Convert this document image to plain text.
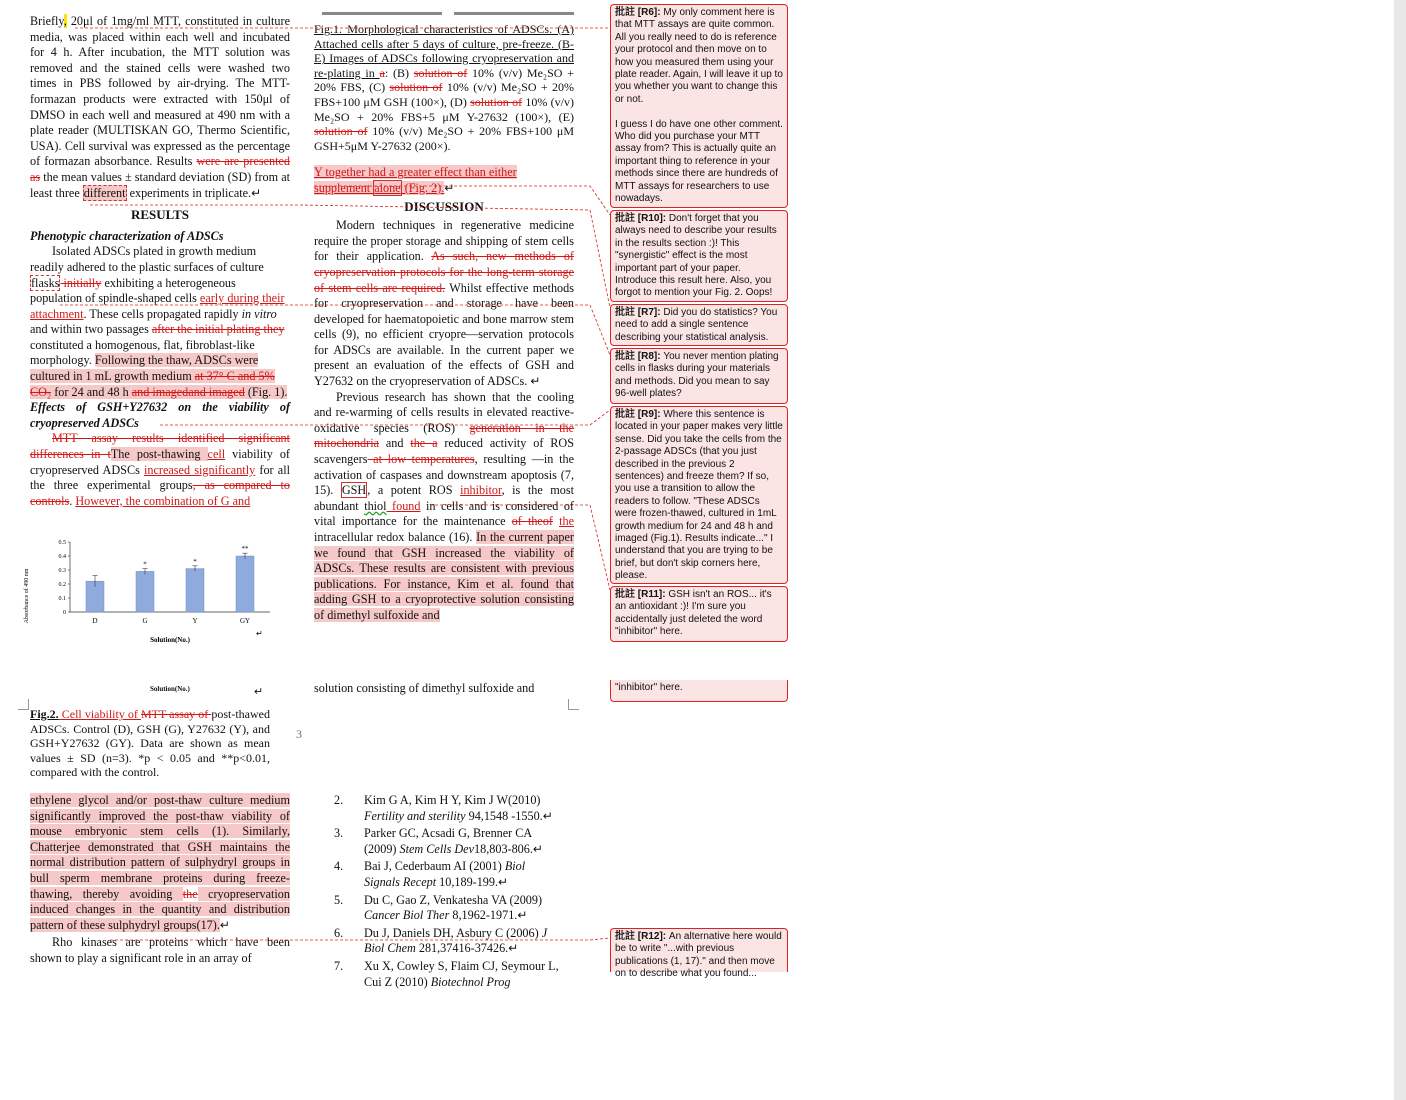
Briefly, 20μl of 1mg/ml MTT, constituted in culture media, was placed within each well and incubated for 4 h. After incubation, the MTT solution was removed and the stained cells were washed two times in PBS followed by air-drying. The MTT-formazan products were extracted with 150μl of DMSO in each well and measured at 490 nm with a plate reader (MULTISKAN GO, Thermo Scientific, USA). Cell survival was expressed as the percentage of formazan absorbance. Results were are presented as the mean values ± standard deviation (SD) from at least three different experiments in triplicate.↵

RESULTS

Phenotypic characterization of ADSCs

Isolated ADSCs plated in growth medium readily adhered to the plastic surfaces of culture flasks initially exhibiting a heterogeneous population of spindle-shaped cells early during their attachment. These cells propagated rapidly in vitro and within two passages after the initial plating they constituted a homogenous, flat, fibroblast-like morphology. Following the thaw, ADSCs were cultured in 1 mL growth medium at 37° C and 5% CO₂ for 24 and 48 h and imagedand imaged (Fig. 1).

Effects of GSH+Y27632 on the viability of cryopreserved ADSCs

MTT assay results identified significant differences in tThe post-thawing cell viability of cryopreserved ADSCs increased significantly for all the three experimental groups, as compared to controls. However, the combination of G and

Absorbance of 490 nm	0
0.1
0.2
0.3
0.4
0.5
D
*
G
*
Y
**
GY
↵
Solution(No.)

Fig.1. Morphological characteristics of ADSCs. (A) Attached cells after 5 days of culture, pre-freeze. (B-E) Images of ADSCs following cryopreservation and re-plating in a: (B) solution of 10% (v/v) Me₂SO + 20% FBS, (C) solution of 10% (v/v) Me₂SO + 20% FBS+100 μM GSH (100×), (D) solution of 10% (v/v) Me₂SO + 20% FBS+5 μM Y-27632 (100×), (E) solution of 10% (v/v) Me₂SO + 20% FBS+100 μM GSH+5μM Y-27632 (200×).

Y together had a greater effect than either supplement alone (Fig. 2).↵

DISCUSSION

Modern techniques in regenerative medicine require the proper storage and shipping of stem cells for their application. As such, new methods of cryopreservation protocols for the long-term storage of stem cells are required. Whilst effective methods for cryopreservation and storage have been developed for haematopoietic and bone marrow stem cells (9), no efficient cryopre—servation protocols for ADSCs are available. In the current paper we present an evaluation of the effects of GSH and Y27632 on the cryopreservation of ADSCs. ↵

Previous research has shown that the cooling and re-warming of cells results in elevated reactive-oxidative species (ROS) generation in the mitochondria and the a reduced activity of ROS scavengers at low temperatures, resulting —in the activation of caspases and downstream apoptosis (7, 15). GSH, a potent ROS inhibitor, is the most abundant thiol found in cells and is considered of vital importance for the maintenance of theof the intracellular redox balance (16). In the current paper we found that GSH increased the viability of ADSCs. These results are consistent with previous publications. For instance, Kim et al. found that adding GSH to a cryoprotective solution consisting of dimethyl sulfoxide and

Solution(No.)	↵
Fig.2. Cell viability of MTT assay of post-thawed ADSCs. Control (D), GSH (G), Y27632 (Y), and GSH+Y27632 (GY). Data are shown as mean values ± SD (n=3). *p < 0.05 and **p<0.01, compared with the control.
3
solution consisting of dimethyl sulfoxide and

ethylene glycol and/or post-thaw culture medium significantly improved the post-thaw viability of mouse embryonic stem cells (1). Similarly, Chatterjee demonstrated that GSH maintains the normal distribution pattern of sulphydryl groups in bull sperm membrane proteins during freeze-thawing, thereby avoiding the cryopreservation induced changes in the quantity and distribution pattern of these sulphydryl groups(17).↵

Rho kinases are proteins which have been shown to play a significant role in an array of

2. Kim G A, Kim H Y, Kim J W(2010) Fertility and sterility 94,1548 -1550.↵
3. Parker GC, Acsadi G, Brenner CA (2009) Stem Cells Dev18,803-806.↵
4. Bai J, Cederbaum AI (2001) Biol Signals Recept 10,189-199.↵
5. Du C, Gao Z, Venkatesha VA (2009) Cancer Biol Ther 8,1962-1971.↵
6. Du J, Daniels DH, Asbury C (2006) J Biol Chem 281,37416-37426.↵
7. Xu X, Cowley S, Flaim CJ, Seymour L, Cui Z (2010) Biotechnol Prog
批註 [R6]: My only comment here is that MTT assays are quite common. All you really need to do is reference your protocol and then move on to how you measured them using your plate reader. Again, I will leave it up to you whether you want to change this or not.

I guess I do have one other comment. Who did you purchase your MTT assay from? This is actually quite an important thing to reference in your methods since there are hundreds of MTT assays for researchers to use nowadays.
批註 [R10]: Don't forget that you always need to describe your results in the results section :)! This "synergistic" effect is the most important part of your paper. Introduce this result here. Also, you forgot to mention your Fig. 2. Oops!
批註 [R7]: Did you do statistics? You need to add a single sentence describing your statistical analysis.
批註 [R8]: You never mention plating cells in flasks during your materials and methods. Did you mean to say 96-well plates?
批註 [R9]: Where this sentence is located in your paper makes very little sense. Did you take the cells from the 2-passage ADSCs (that you just described in the previous 2 sentences) and freeze them? If so, you use a transition to allow the readers to follow. "These ADSCs were frozen-thawed, cultured in 1mL growth medium for 24 and 48 h and imaged (Fig.1). Results indicate..." I understand that you are trying to be brief, but don't skip corners here, please.
批註 [R11]: GSH isn't an ROS... it's an antioxidant :)! I'm sure you accidentally just deleted the word "inhibitor" here.
"inhibitor" here.
批註 [R12]: An alternative here would be to write "...with previous publications (1, 17)." and then move on to describe what you found...
